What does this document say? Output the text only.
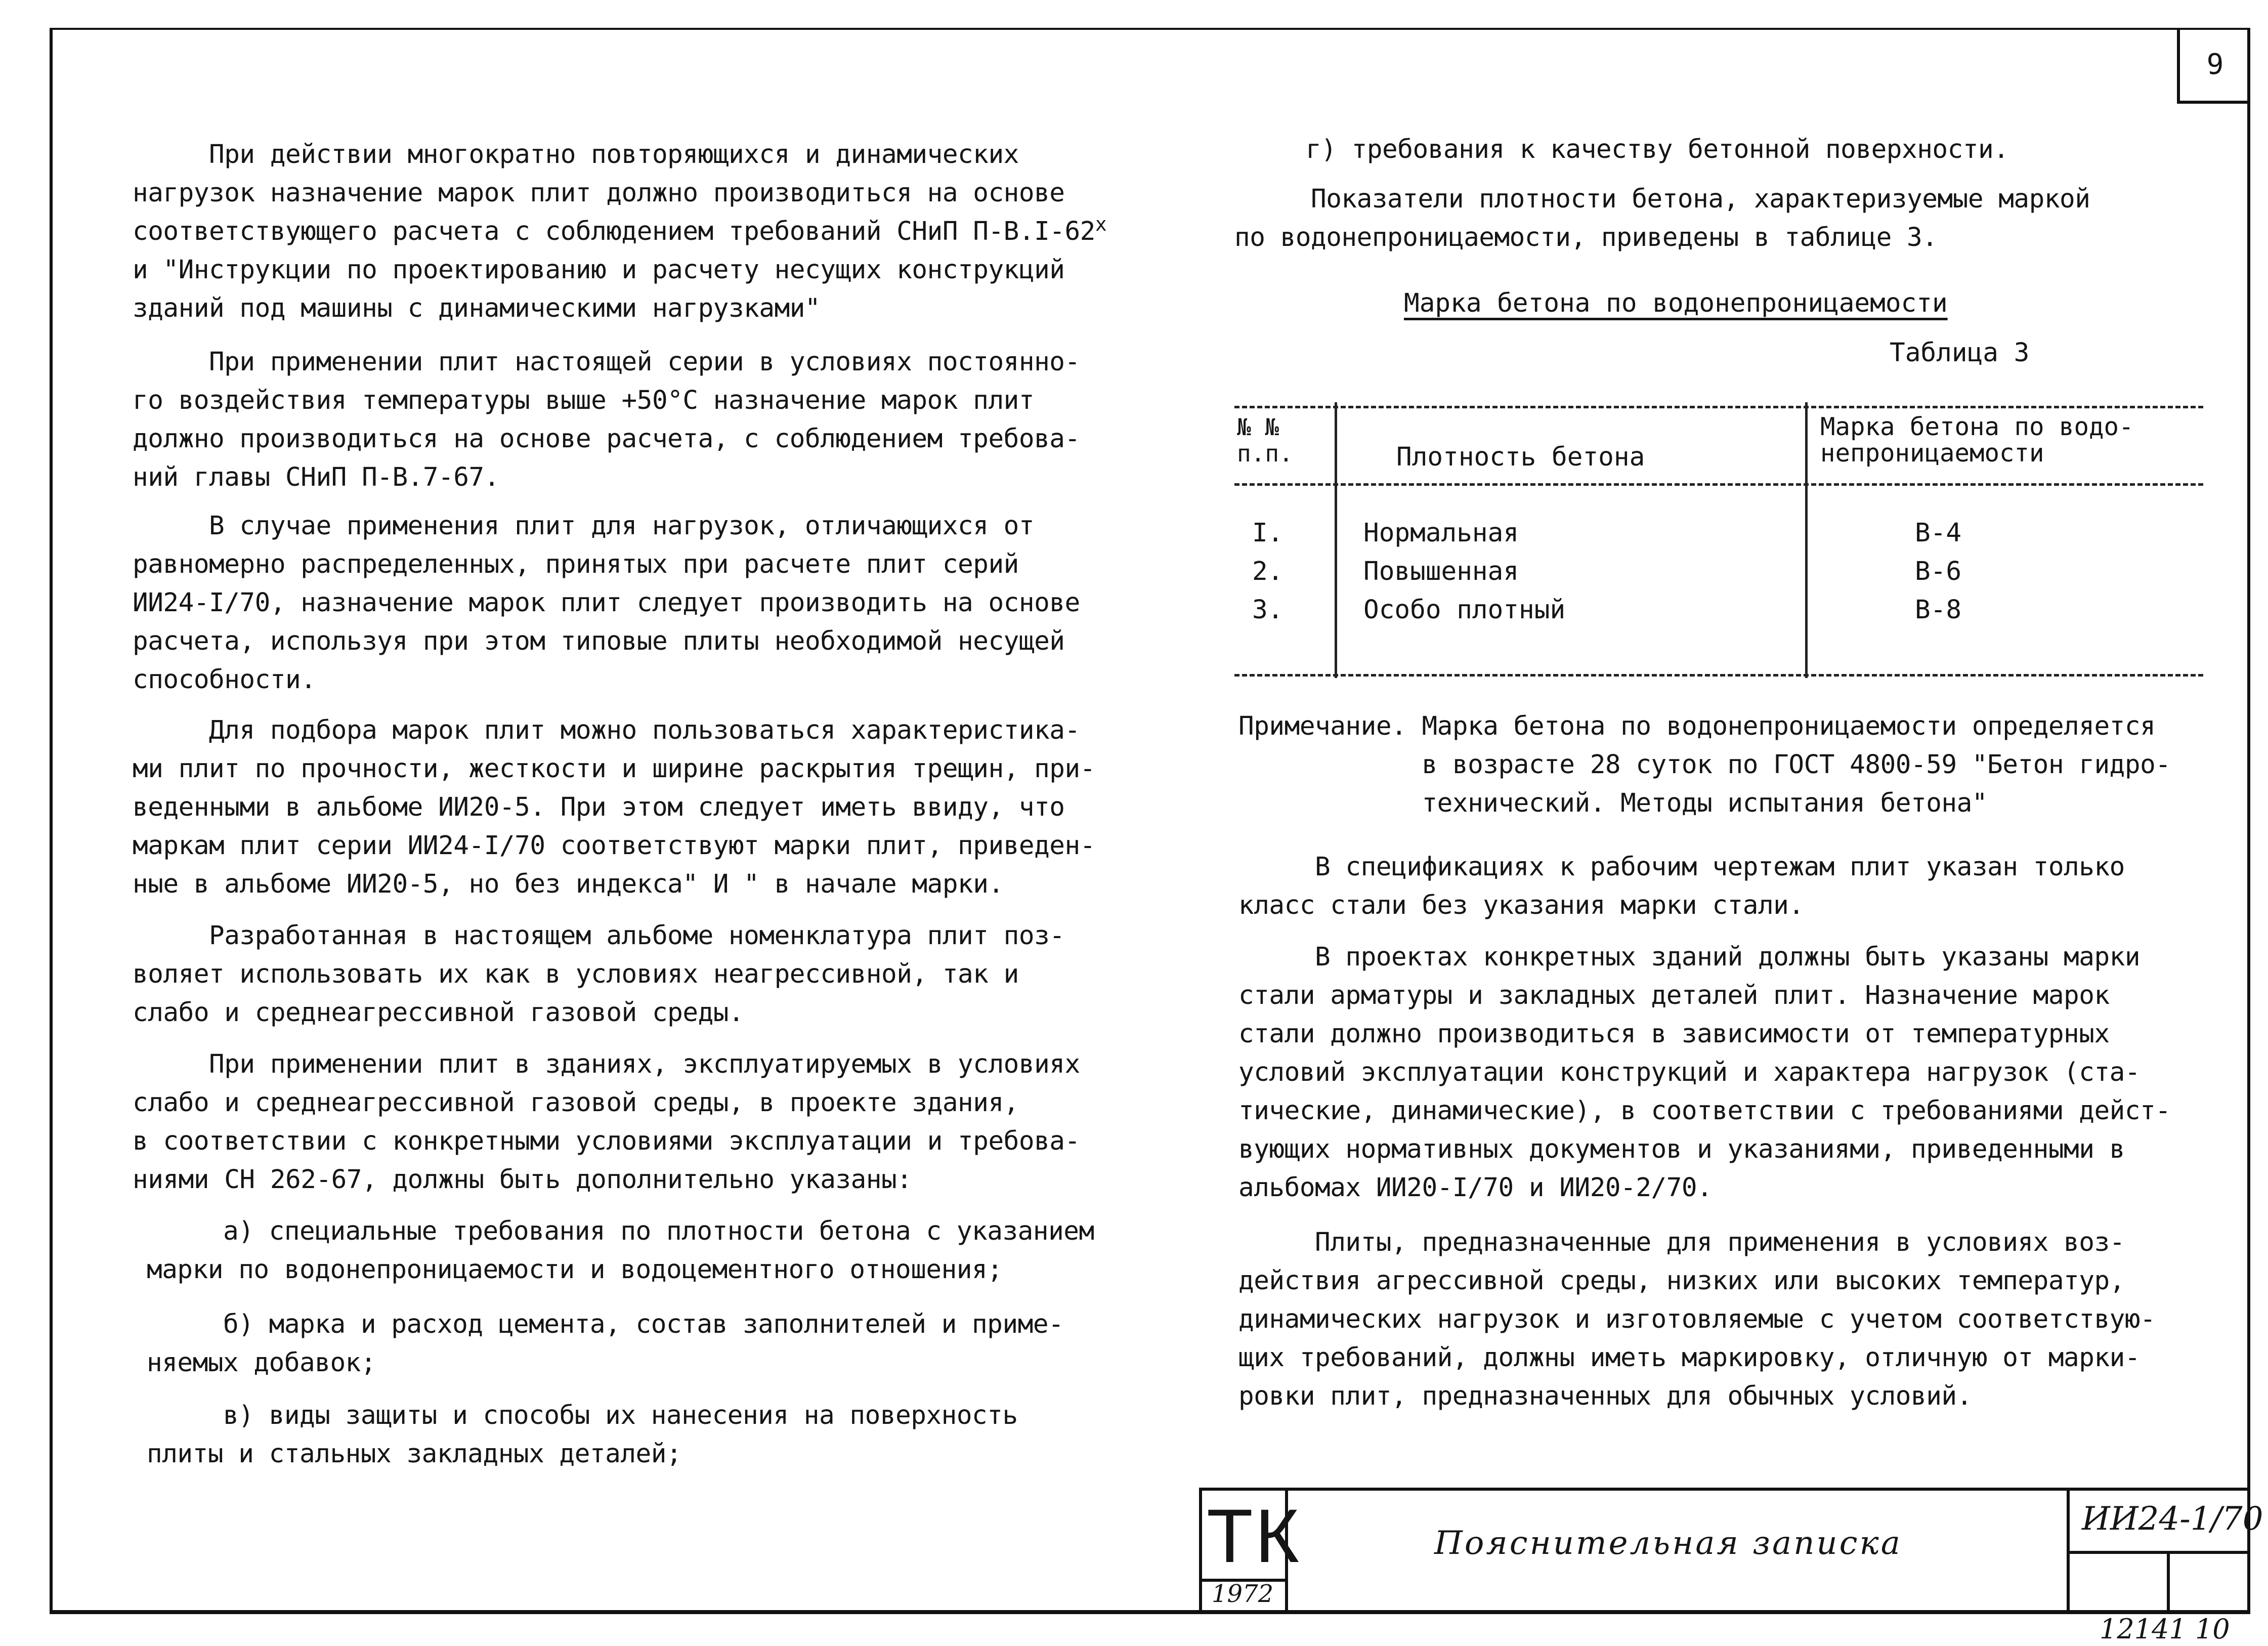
9
При действии многократно повторяющихся и динамических
нагрузок назначение марок плит должно производиться на основе
соответствующего расчета с соблюдением требований СНиП П-В.I-62$^x$
и "Инструкции по проектированию и расчету несущих конструкций
зданий под машины с динамическими нагрузками"
При применении плит настоящей серии в условиях постоянно-
го воздействия температуры выше +50°С назначение марок плит
должно производиться на основе расчета, с соблюдением требова-
ний главы СНиП П-В.7-67.
В случае применения плит для нагрузок, отличающихся от
равномерно распределенных, принятых при расчете плит серий
ИИ24-I/70, назначение марок плит следует производить на основе
расчета, используя при этом типовые плиты необходимой несущей
способности.
Для подбора марок плит можно пользоваться характеристика-
ми плит по прочности, жесткости и ширине раскрытия трещин, при-
веденными в альбоме ИИ20-5. При этом следует иметь ввиду, что
маркам плит серии ИИ24-I/70 соответствуют марки плит, приведен-
ные в альбоме ИИ20-5, но без индекса" И " в начале марки.
Разработанная в настоящем альбоме номенклатура плит поз-
воляет использовать их как в условиях неагрессивной, так и
слабо и среднеагрессивной газовой среды.
При применении плит в зданиях, эксплуатируемых в условиях
слабо и среднеагрессивной газовой среды, в проекте здания,
в соответствии с конкретными условиями эксплуатации и требова-
ниями СН 262-67, должны быть дополнительно указаны:
а) специальные требования по плотности бетона с указанием
марки по водонепроницаемости и водоцементного отношения;
б) марка и расход цемента, состав заполнителей и приме-
няемых добавок;
в) виды защиты и способы их нанесения на поверхность
плиты и стальных закладных деталей;
г) требования к качеству бетонной поверхности.
Показатели плотности бетона, характеризуемые маркой
по водонепроницаемости, приведены в таблице 3.
Марка бетона по водонепроницаемости
Таблица 3
№ №
п.п.	Плотность бетона
Марка бетона по водо-
непроницаемости
I.	Нормальная	В-4
2.	Повышенная	В-6
3.	Особо плотный	В-8
Примечание. Марка бетона по водонепроницаемости определяется
в возрасте 28 суток по ГОСТ 4800-59 "Бетон гидро-
технический. Методы испытания бетона"
В спецификациях к рабочим чертежам плит указан только
класс стали без указания марки стали.
В проектах конкретных зданий должны быть указаны марки
стали арматуры и закладных деталей плит. Назначение марок
стали должно производиться в зависимости от температурных
условий эксплуатации конструкций и характера нагрузок (ста-
тические, динамические), в соответствии с требованиями дейст-
вующих нормативных документов и указаниями, приведенными в
альбомах ИИ20-I/70 и ИИ20-2/70.
Плиты, предназначенные для применения в условиях воз-
действия агрессивной среды, низких или высоких температур,
динамических нагрузок и изготовляемые с учетом соответствую-
щих требований, должны иметь маркировку, отличную от марки-
ровки плит, предназначенных для обычных условий.
ТК
1972
Пояснительная записка
ИИ24-1/70
12141 10
